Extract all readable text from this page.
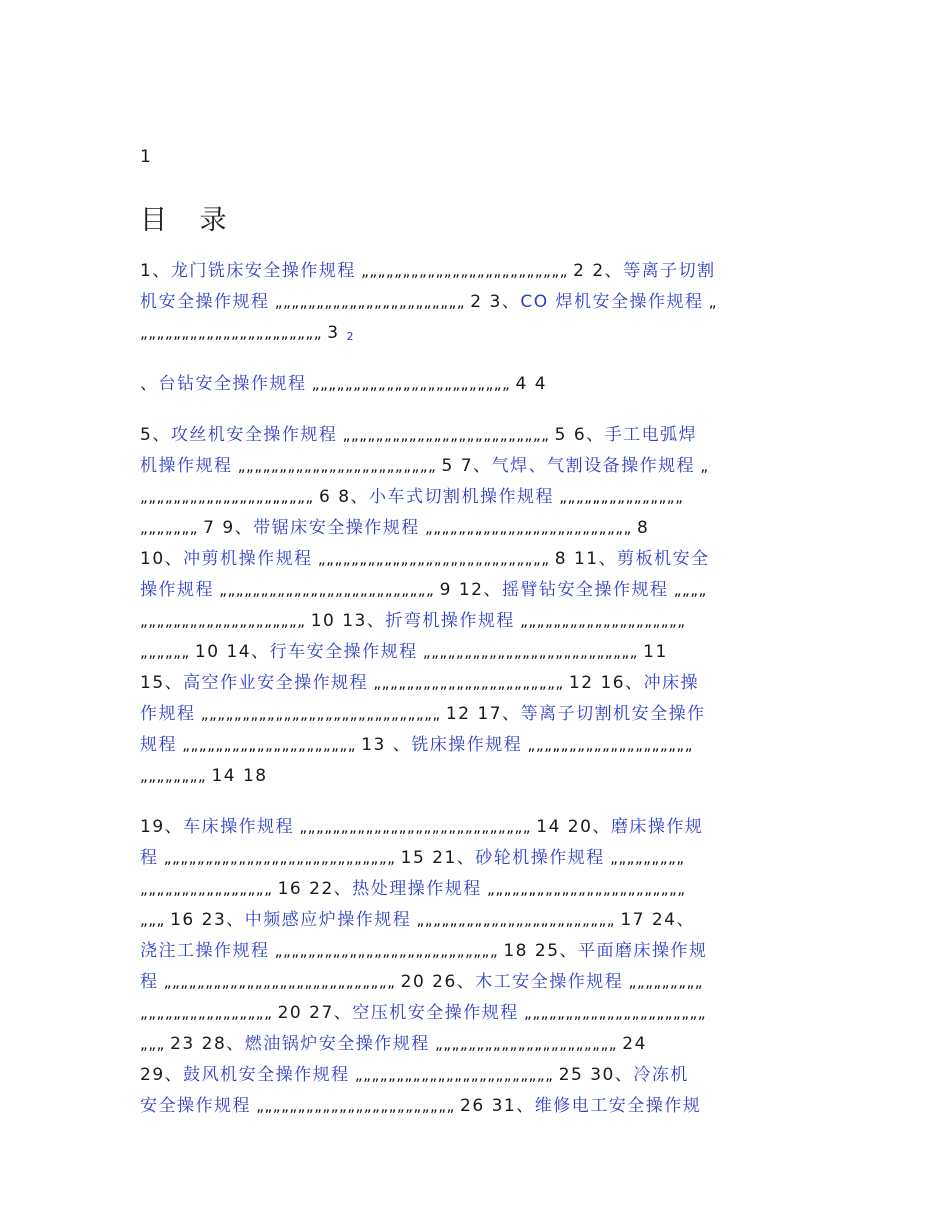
1
目 录
1、龙门铣床安全操作规程 „„„„„„„„„„„„„„„„„„„„„„„„„ 2 2、等离子切割
机安全操作规程 „„„„„„„„„„„„„„„„„„„„„„„ 2 3、CO 焊机安全操作规程 „
„„„„„„„„„„„„„„„„„„„„„„ 3 2
、台钻安全操作规程 „„„„„„„„„„„„„„„„„„„„„„„„ 4 4
5、攻丝机安全操作规程 „„„„„„„„„„„„„„„„„„„„„„„„„ 5 6、手工电弧焊
机操作规程 „„„„„„„„„„„„„„„„„„„„„„„„ 5 7、气焊、气割设备操作规程 „
„„„„„„„„„„„„„„„„„„„„„ 6 8、小车式切割机操作规程 „„„„„„„„„„„„„„„
„„„„„„„ 7 9、带锯床安全操作规程 „„„„„„„„„„„„„„„„„„„„„„„„„ 8
10、冲剪机操作规程 „„„„„„„„„„„„„„„„„„„„„„„„„„„„ 8 11、剪板机安全
操作规程 „„„„„„„„„„„„„„„„„„„„„„„„„„ 9 12、摇臂钻安全操作规程 „„„„
„„„„„„„„„„„„„„„„„„„„ 10 13、折弯机操作规程 „„„„„„„„„„„„„„„„„„„„
„„„„„„ 10 14、行车安全操作规程 „„„„„„„„„„„„„„„„„„„„„„„„„„ 11
15、高空作业安全操作规程 „„„„„„„„„„„„„„„„„„„„„„„ 12 16、冲床操
作规程 „„„„„„„„„„„„„„„„„„„„„„„„„„„„„ 12 17、等离子切割机安全操作
规程 „„„„„„„„„„„„„„„„„„„„„ 13 、铣床操作规程 „„„„„„„„„„„„„„„„„„„„
„„„„„„„„ 14 18
19、车床操作规程 „„„„„„„„„„„„„„„„„„„„„„„„„„„„ 14 20、磨床操作规
程 „„„„„„„„„„„„„„„„„„„„„„„„„„„„ 15 21、砂轮机操作规程 „„„„„„„„„
„„„„„„„„„„„„„„„„ 16 22、热处理操作规程 „„„„„„„„„„„„„„„„„„„„„„„„
„„„ 16 23、中频感应炉操作规程 „„„„„„„„„„„„„„„„„„„„„„„„ 17 24、
浇注工操作规程 „„„„„„„„„„„„„„„„„„„„„„„„„„„ 18 25、平面磨床操作规
程 „„„„„„„„„„„„„„„„„„„„„„„„„„„„ 20 26、木工安全操作规程 „„„„„„„„„
„„„„„„„„„„„„„„„„ 20 27、空压机安全操作规程 „„„„„„„„„„„„„„„„„„„„„„
„„„ 23 28、燃油锅炉安全操作规程 „„„„„„„„„„„„„„„„„„„„„„ 24
29、鼓风机安全操作规程 „„„„„„„„„„„„„„„„„„„„„„„„ 25 30、冷冻机
安全操作规程 „„„„„„„„„„„„„„„„„„„„„„„„ 26 31、维修电工安全操作规
